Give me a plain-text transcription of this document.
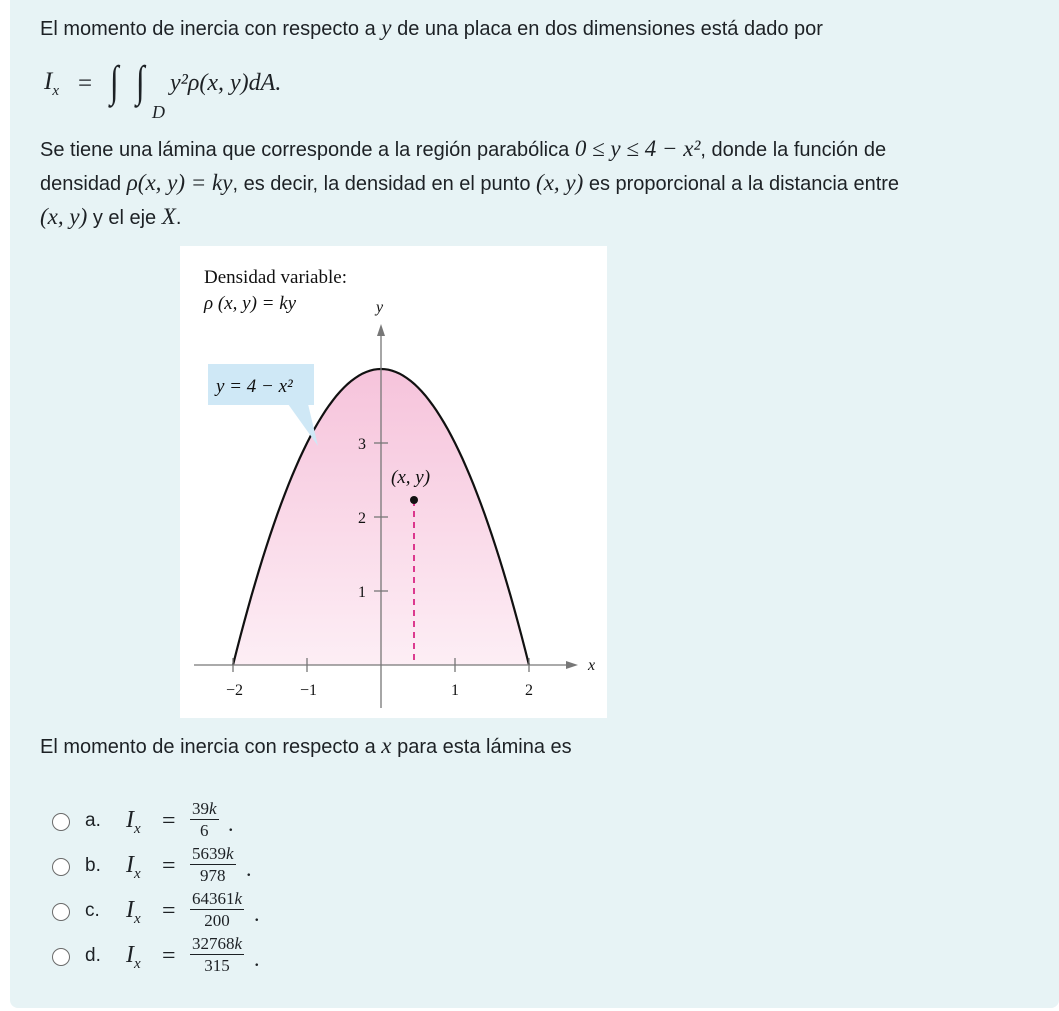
El momento de inercia con respecto a y de una placa en dos dimensiones está dado por
$I_x$ = ∫ ∫
D
y²ρ(x, y)dA.
Se tiene una lámina que corresponde a la región parabólica 0 ≤ y ≤ 4 − x², donde la función de
densidad ρ(x, y) = ky, es decir, la densidad en el punto (x, y) es proporcional a la distancia entre
(x, y) y el eje X.
−2	−1	1	2
1
2
3
x
y
Densidad variable:
ρ (x, y) = ky
y = 4 − x²
(x, y)
El momento de inercia con respecto a x para esta lámina es
a. $I_x = \frac{39k}{6}$ .
b. $I_x = \frac{5639k}{978}$ .
c. $I_x = \frac{64361k}{200}$ .
d. $I_x = \frac{32768k}{315}$ .
